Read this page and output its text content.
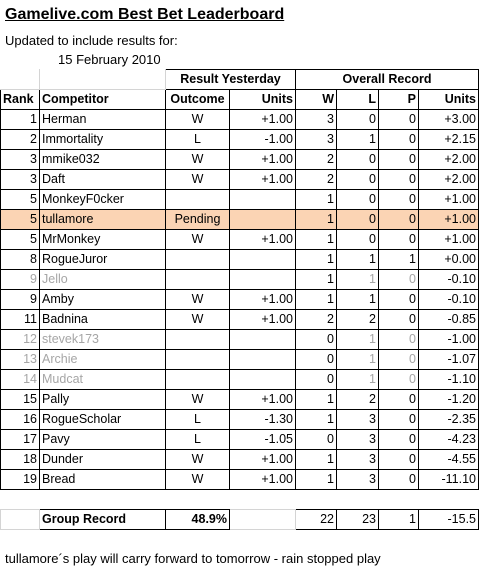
Gamelive.com Best Bet Leaderboard
Updated to include results for:
15 February 2010
		Result Yesterday		Overall Record			
Rank	Competitor	Outcome	Units	W	L	P	Units
1	Herman	W	+1.00	3	0	0	+3.00
2	Immortality	L	-1.00	3	1	0	+2.15
3	mmike032	W	+1.00	2	0	0	+2.00
3	Daft	W	+1.00	2	0	0	+2.00
5	MonkeyF0cker			1	0	0	+1.00
5	tullamore	Pending		1	0	0	+1.00
5	MrMonkey	W	+1.00	1	0	0	+1.00
8	RogueJuror			1	1	1	+0.00
9	Jello			1	1	0	-0.10
9	Amby	W	+1.00	1	1	0	-0.10
11	Badnina	W	+1.00	2	2	0	-0.85
12	stevek173			0	1	0	-1.00
13	Archie			0	1	0	-1.07
14	Mudcat			0	1	0	-1.10
15	Pally	W	+1.00	1	2	0	-1.20
16	RogueScholar	L	-1.30	1	3	0	-2.35
17	Pavy	L	-1.05	0	3	0	-4.23
18	Dunder	W	+1.00	1	3	0	-4.55
19	Bread	W	+1.00	1	3	0	-11.10
	Group Record	48.9%		22	23	1	-15.5
tullamore´s play will carry forward to tomorrow - rain stopped play
